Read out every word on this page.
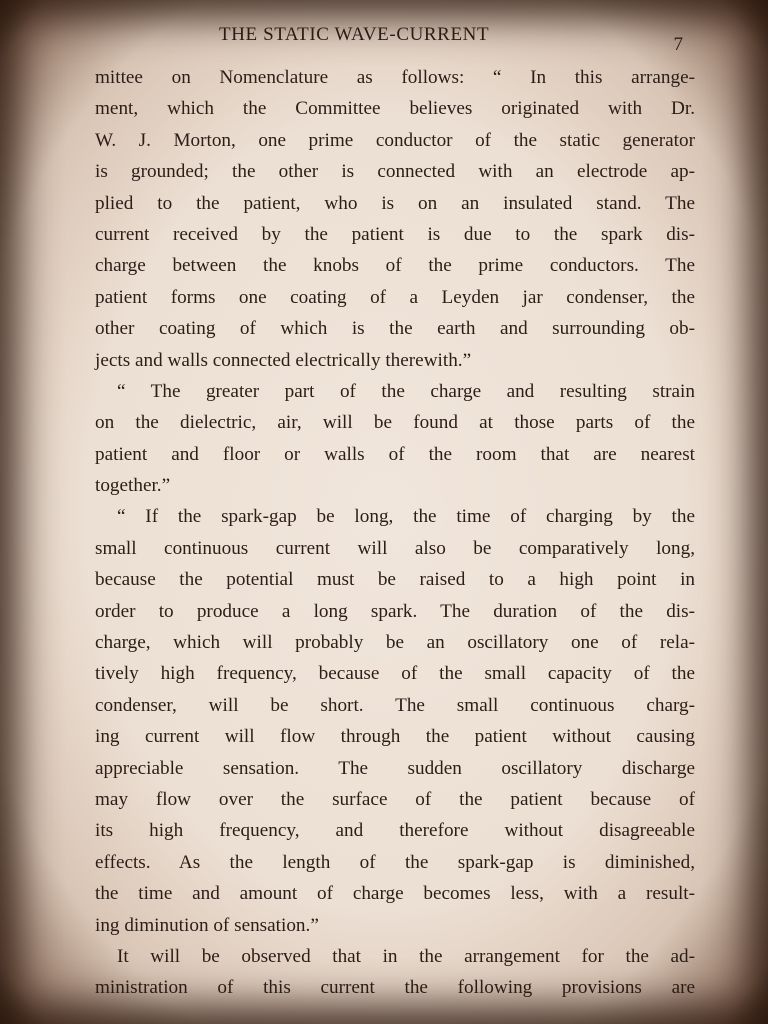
THE STATIC WAVE-CURRENT	7
mittee on Nomenclature as follows: “ In this arrange-
ment, which the Committee believes originated with Dr.
W. J. Morton, one prime conductor of the static generator
is grounded; the other is connected with an electrode ap-
plied to the patient, who is on an insulated stand. The
current received by the patient is due to the spark dis-
charge between the knobs of the prime conductors. The
patient forms one coating of a Leyden jar condenser, the
other coating of which is the earth and surrounding ob-
jects and walls connected electrically therewith.”
“ The greater part of the charge and resulting strain
on the dielectric, air, will be found at those parts of the
patient and floor or walls of the room that are nearest
together.”
“ If the spark-gap be long, the time of charging by the
small continuous current will also be comparatively long,
because the potential must be raised to a high point in
order to produce a long spark. The duration of the dis-
charge, which will probably be an oscillatory one of rela-
tively high frequency, because of the small capacity of the
condenser, will be short. The small continuous charg-
ing current will flow through the patient without causing
appreciable sensation. The sudden oscillatory discharge
may flow over the surface of the patient because of
its high frequency, and therefore without disagreeable
effects. As the length of the spark-gap is diminished,
the time and amount of charge becomes less, with a result-
ing diminution of sensation.”
It will be observed that in the arrangement for the ad-
ministration of this current the following provisions are
